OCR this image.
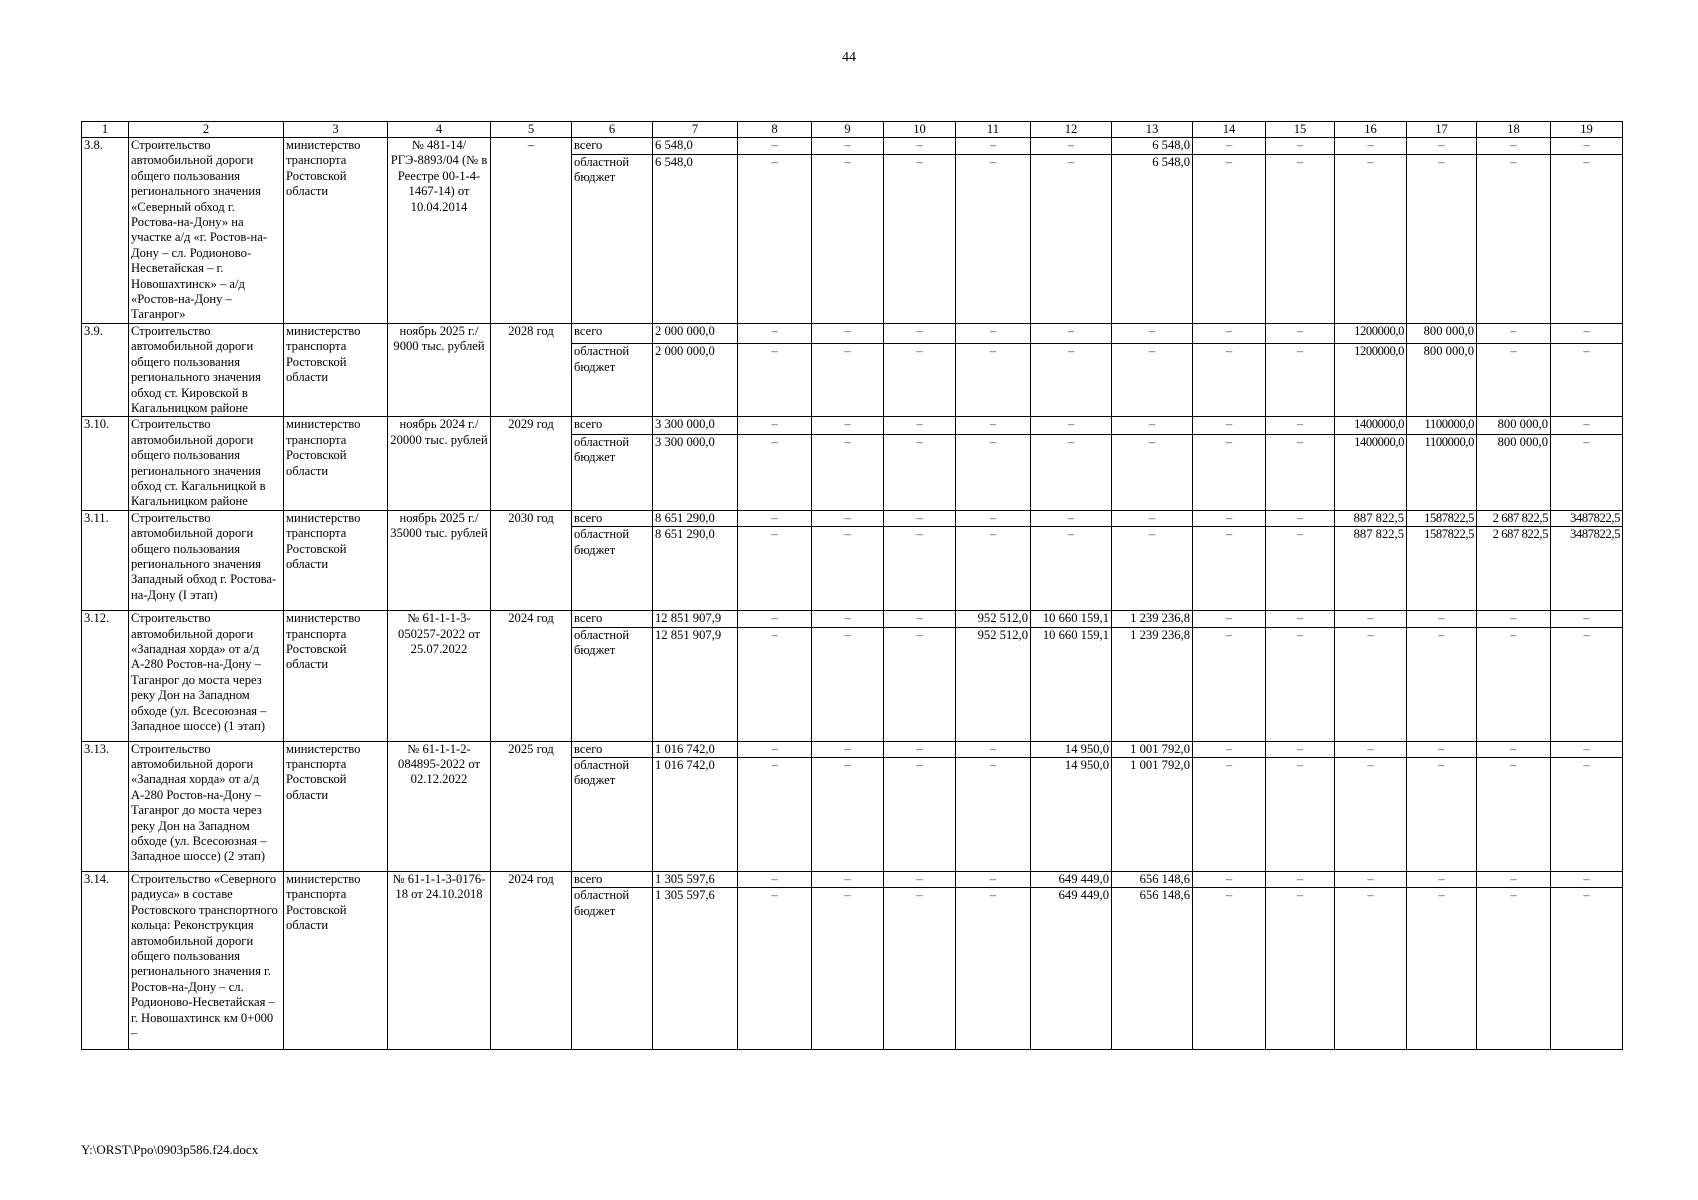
44
1	2	3	4	5	6	7	8	9	10	11	12	13	14	15	16	17	18	19
3.8.	Строительство автомобильной дороги общего пользования регионального значения «Северный обход г. Ростова-на-Дону» на участке а/д «г. Ростов-на-Дону – сл. Родионово-Несветайская – г. Новошахтинск» – а/д «Ростов-на-Дону – Таганрог»	министерство транспорта Ростовской области	№ 481-14/РГЭ-8893/04 (№ в Реестре 00-1-4-1467-14) от 10.04.2014	–	всего	6 548,0	–	–	–	–	–	6 548,0	–	–	–	–	–	–
					областной бюджет	6 548,0	–	–	–	–	–	6 548,0	–	–	–	–	–	–
3.9.	Строительство автомобильной дороги общего пользования регионального значения обход ст. Кировской в Кагальницком районе	министерство транспорта Ростовской области	ноябрь 2025 г./ 9000 тыс. рублей	2028 год	всего	2 000 000,0	–	–	–	–	–	–	–	–	1200000,0	800 000,0	–	–
					областной бюджет	2 000 000,0	–	–	–	–	–	–	–	–	1200000,0	800 000,0	–	–
3.10.	Строительство автомобильной дороги общего пользования регионального значения обход ст. Кагальницкой в Кагальницком районе	министерство транспорта Ростовской области	ноябрь 2024 г./ 20000 тыс. рублей	2029 год	всего	3 300 000,0	–	–	–	–	–	–	–	–	1400000,0	1100000,0	800 000,0	–
					областной бюджет	3 300 000,0	–	–	–	–	–	–	–	–	1400000,0	1100000,0	800 000,0	–
3.11.	Строительство автомобильной дороги общего пользования регионального значения Западный обход г. Ростова-на-Дону (I этап)	министерство транспорта Ростовской области	ноябрь 2025 г./ 35000 тыс. рублей	2030 год	всего	8 651 290,0	–	–	–	–	–	–	–	–	887 822,5	1587822,5	2 687 822,5	3487822,5
					областной бюджет	8 651 290,0	–	–	–	–	–	–	–	–	887 822,5	1587822,5	2 687 822,5	3487822,5
3.12.	Строительство автомобильной дороги «Западная хорда» от а/д А-280 Ростов-на-Дону – Таганрог до моста через реку Дон на Западном обходе (ул. Всесоюзная – Западное шоссе) (1 этап)	министерство транспорта Ростовской области	№ 61-1-1-3-050257-2022 от 25.07.2022	2024 год	всего	12 851 907,9	–	–	–	952 512,0	10 660 159,1	1 239 236,8	–	–	–	–	–	–
					областной бюджет	12 851 907,9	–	–	–	952 512,0	10 660 159,1	1 239 236,8	–	–	–	–	–	–
3.13.	Строительство автомобильной дороги «Западная хорда» от а/д А-280 Ростов-на-Дону – Таганрог до моста через реку Дон на Западном обходе (ул. Всесоюзная – Западное шоссе) (2 этап)	министерство транспорта Ростовской области	№ 61-1-1-2-084895-2022 от 02.12.2022	2025 год	всего	1 016 742,0	–	–	–	–	14 950,0	1 001 792,0	–	–	–	–	–	–
					областной бюджет	1 016 742,0	–	–	–	–	14 950,0	1 001 792,0	–	–	–	–	–	–
3.14.	Строительство «Северного радиуса» в составе Ростовского транспортного кольца: Реконструкция автомобильной дороги общего пользования регионального значения г. Ростов-на-Дону – сл. Родионово-Несветайская – г. Новошахтинск км 0+000 –	министерство транспорта Ростовской области	№ 61-1-1-3-0176-18 от 24.10.2018	2024 год	всего	1 305 597,6	–	–	–	–	649 449,0	656 148,6	–	–	–	–	–	–
					областной бюджет	1 305 597,6	–	–	–	–	649 449,0	656 148,6	–	–	–	–	–	–
Y:\ORST\Ppo\0903p586.f24.docx
